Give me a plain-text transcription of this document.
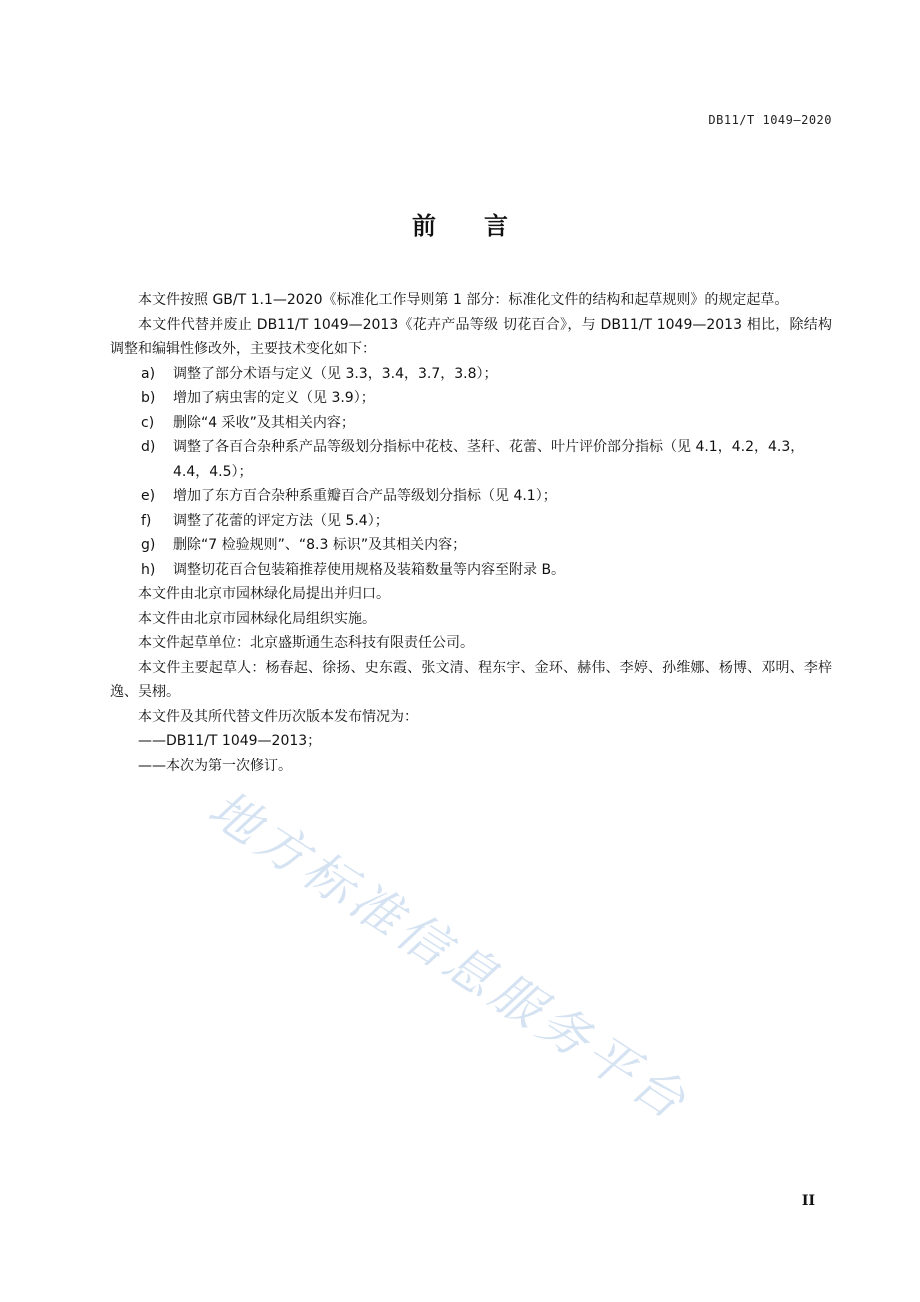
DB11/T 1049—2020
前 言

本文件按照 GB/T 1.1—2020《标准化工作导则第 1 部分：标准化文件的结构和起草规则》的规定起草。

本文件代替并废止 DB11/T 1049—2013《花卉产品等级 切花百合》，与 DB11/T 1049—2013 相比，除结构调整和编辑性修改外，主要技术变化如下：

a) 调整了部分术语与定义（见 3.3，3.4，3.7，3.8）；

b) 增加了病虫害的定义（见 3.9）；

c) 删除“4 采收”及其相关内容；

d) 调整了各百合杂种系产品等级划分指标中花枝、茎秆、花蕾、叶片评价部分指标（见 4.1，4.2，4.3，4.4，4.5）；

e) 增加了东方百合杂种系重瓣百合产品等级划分指标（见 4.1）；

f) 调整了花蕾的评定方法（见 5.4）；

g) 删除“7 检验规则”、“8.3 标识”及其相关内容；

h) 调整切花百合包装箱推荐使用规格及装箱数量等内容至附录 B。

本文件由北京市园林绿化局提出并归口。

本文件由北京市园林绿化局组织实施。

本文件起草单位：北京盛斯通生态科技有限责任公司。

本文件主要起草人：杨春起、徐扬、史东霞、张文清、程东宇、金环、赫伟、李婷、孙维娜、杨博、邓明、李梓逸、吴栩。

本文件及其所代替文件历次版本发布情况为：

——DB11/T 1049—2013；

——本次为第一次修订。

地方标准信息服务平台
II
